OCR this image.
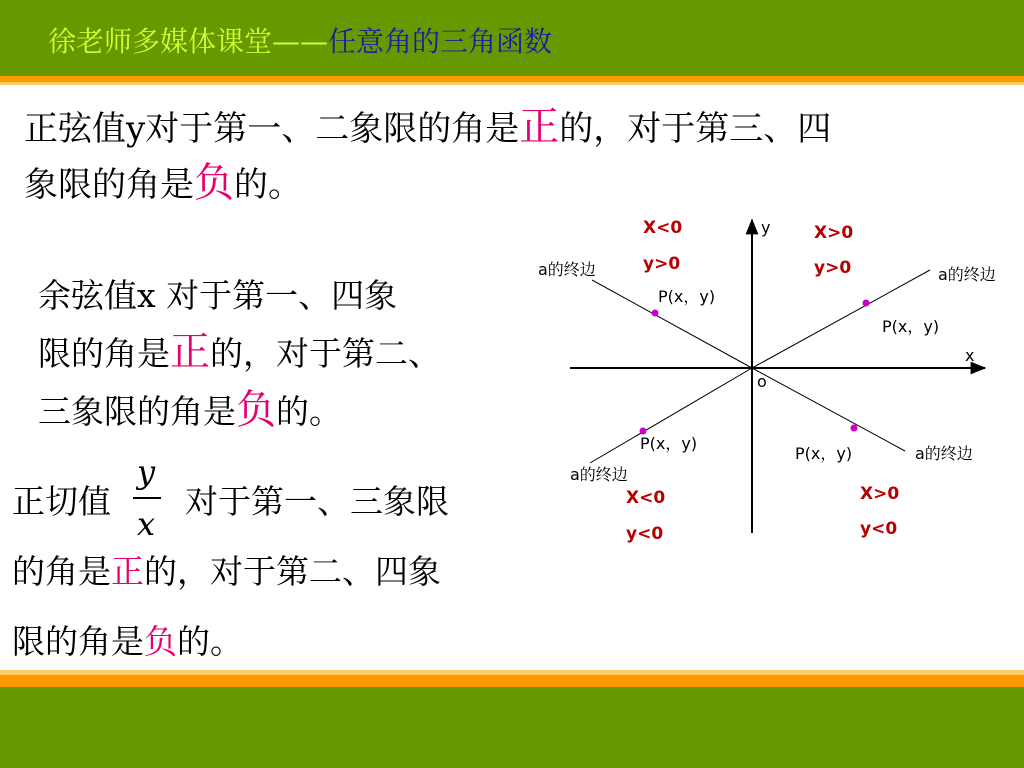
徐老师多媒体课堂——任意角的三角函数
正弦值y对于第一、二象限的角是正的，对于第三、四
象限的角是负的。
余弦值x 对于第一、四象
限的角是正的，对于第二、
三象限的角是负的。
正切值 $\frac{y}{x}$ 对于第一、三象限
的角是正的，对于第二、四象
限的角是负的。
y
x
o
a的终边	a的终边
a的终边
a的终边
P(x，y)
P(x，y)
P(x，y)
P(x，y)
X<0
y>0
X>0
y>0
X<0
y<0
X>0
y<0
